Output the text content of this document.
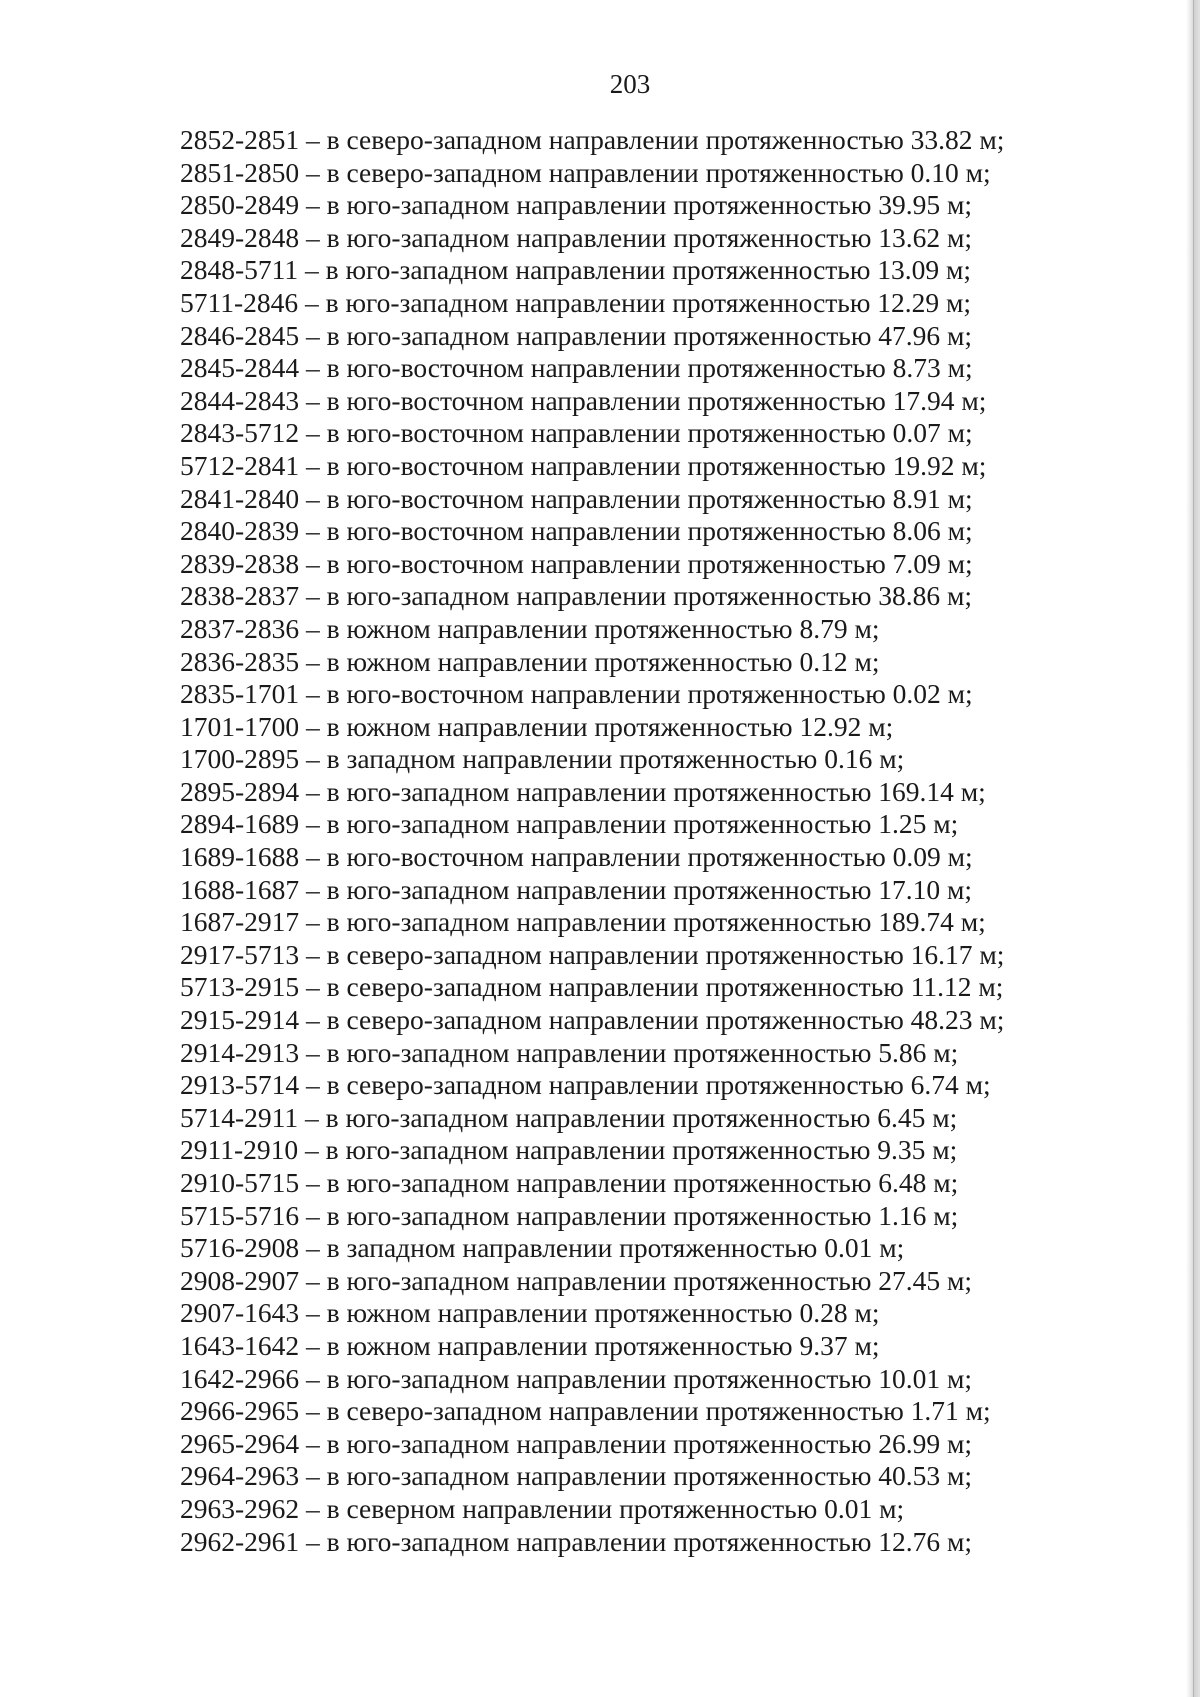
203
2852-2851 – в северо-западном направлении протяженностью 33.82 м;
2851-2850 – в северо-западном направлении протяженностью 0.10 м;
2850-2849 – в юго-западном направлении протяженностью 39.95 м;
2849-2848 – в юго-западном направлении протяженностью 13.62 м;
2848-5711 – в юго-западном направлении протяженностью 13.09 м;
5711-2846 – в юго-западном направлении протяженностью 12.29 м;
2846-2845 – в юго-западном направлении протяженностью 47.96 м;
2845-2844 – в юго-восточном направлении протяженностью 8.73 м;
2844-2843 – в юго-восточном направлении протяженностью 17.94 м;
2843-5712 – в юго-восточном направлении протяженностью 0.07 м;
5712-2841 – в юго-восточном направлении протяженностью 19.92 м;
2841-2840 – в юго-восточном направлении протяженностью 8.91 м;
2840-2839 – в юго-восточном направлении протяженностью 8.06 м;
2839-2838 – в юго-восточном направлении протяженностью 7.09 м;
2838-2837 – в юго-западном направлении протяженностью 38.86 м;
2837-2836 – в южном направлении протяженностью 8.79 м;
2836-2835 – в южном направлении протяженностью 0.12 м;
2835-1701 – в юго-восточном направлении протяженностью 0.02 м;
1701-1700 – в южном направлении протяженностью 12.92 м;
1700-2895 – в западном направлении протяженностью 0.16 м;
2895-2894 – в юго-западном направлении протяженностью 169.14 м;
2894-1689 – в юго-западном направлении протяженностью 1.25 м;
1689-1688 – в юго-восточном направлении протяженностью 0.09 м;
1688-1687 – в юго-западном направлении протяженностью 17.10 м;
1687-2917 – в юго-западном направлении протяженностью 189.74 м;
2917-5713 – в северо-западном направлении протяженностью 16.17 м;
5713-2915 – в северо-западном направлении протяженностью 11.12 м;
2915-2914 – в северо-западном направлении протяженностью 48.23 м;
2914-2913 – в юго-западном направлении протяженностью 5.86 м;
2913-5714 – в северо-западном направлении протяженностью 6.74 м;
5714-2911 – в юго-западном направлении протяженностью 6.45 м;
2911-2910 – в юго-западном направлении протяженностью 9.35 м;
2910-5715 – в юго-западном направлении протяженностью 6.48 м;
5715-5716 – в юго-западном направлении протяженностью 1.16 м;
5716-2908 – в западном направлении протяженностью 0.01 м;
2908-2907 – в юго-западном направлении протяженностью 27.45 м;
2907-1643 – в южном направлении протяженностью 0.28 м;
1643-1642 – в южном направлении протяженностью 9.37 м;
1642-2966 – в юго-западном направлении протяженностью 10.01 м;
2966-2965 – в северо-западном направлении протяженностью 1.71 м;
2965-2964 – в юго-западном направлении протяженностью 26.99 м;
2964-2963 – в юго-западном направлении протяженностью 40.53 м;
2963-2962 – в северном направлении протяженностью 0.01 м;
2962-2961 – в юго-западном направлении протяженностью 12.76 м;
